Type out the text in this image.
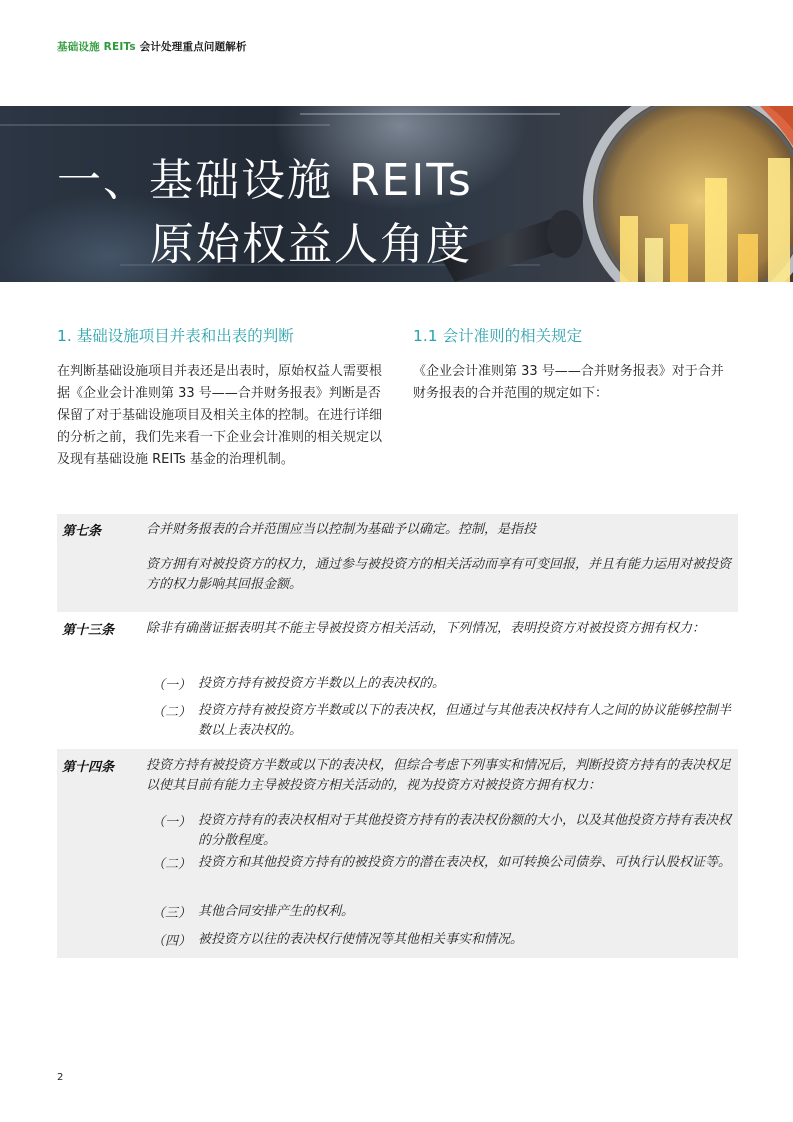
基础设施 REITs 会计处理重点问题解析
一、基础设施 REITs
原始权益人角度
1. 基础设施项目并表和出表的判断
在判断基础设施项目并表还是出表时，原始权益人需要根据《企业会计准则第 33 号——合并财务报表》判断是否保留了对于基础设施项目及相关主体的控制。在进行详细的分析之前，我们先来看一下企业会计准则的相关规定以及现有基础设施 REITs 基金的治理机制。
1.1 会计准则的相关规定
《企业会计准则第 33 号——合并财务报表》对于合并财务报表的合并范围的规定如下：
第七条	合并财务报表的合并范围应当以控制为基础予以确定。控制，是指投
资方拥有对被投资方的权力，通过参与被投资方的相关活动而享有可变回报，并且有能力运用对被投资方的权力影响其回报金额。
第十三条 除非有确凿证据表明其不能主导被投资方相关活动，下列情况，表明投资方对被投资方拥有权力：
（一） 投资方持有被投资方半数以上的表决权的。
（二） 投资方持有被投资方半数或以下的表决权，但通过与其他表决权持有人之间的协议能够控制半数以上表决权的。
第十四条 投资方持有被投资方半数或以下的表决权，但综合考虑下列事实和情况后，判断投资方持有的表决权足以使其目前有能力主导被投资方相关活动的，视为投资方对被投资方拥有权力：
（一） 投资方持有的表决权相对于其他投资方持有的表决权份额的大小，以及其他投资方持有表决权的分散程度。
（二） 投资方和其他投资方持有的被投资方的潜在表决权，如可转换公司债券、可执行认股权证等。
（三） 其他合同安排产生的权利。
（四） 被投资方以往的表决权行使情况等其他相关事实和情况。
2
